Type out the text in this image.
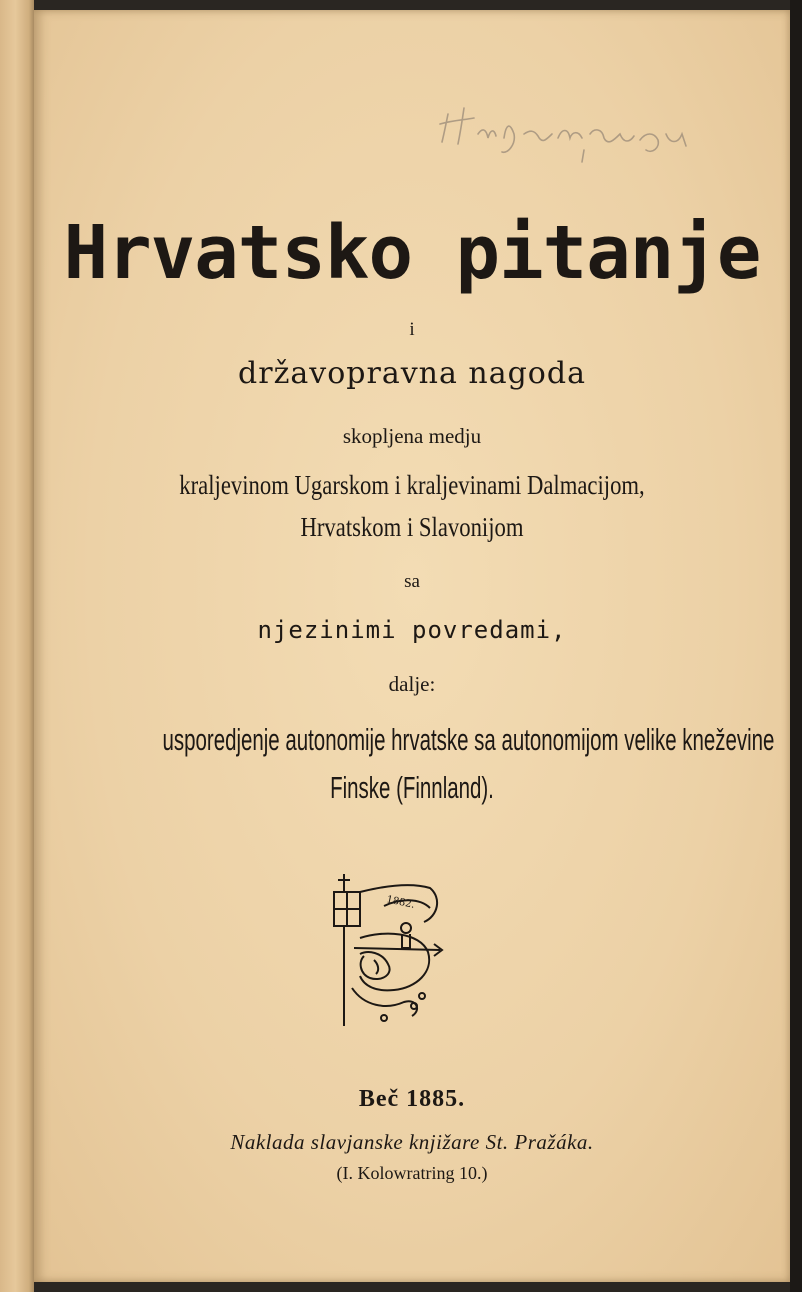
Hrvatsko pitanje

i

državopravna nagoda

skopljena medju

kraljevinom Ugarskom i kraljevinami Dalmacijom,

Hrvatskom i Slavonijom

sa

njezinimi povredami,

dalje:

usporedjenje autonomije hrvatske sa autonomijom velike kneževine

Finske (Finnland).

1882.

Beč 1885.

Naklada slavjanske knjižare St. Pražáka.

(I. Kolowratring 10.)
